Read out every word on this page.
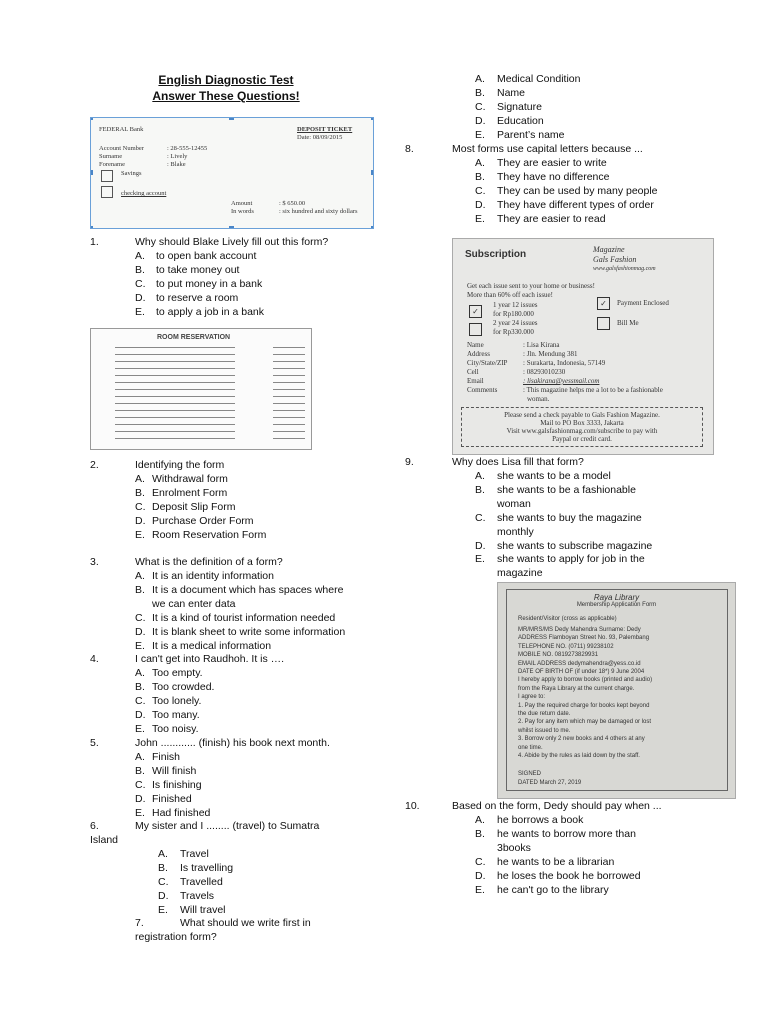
English Diagnostic Test
Answer These Questions!
FEDERAL Bank	DEPOSIT TICKET
Date: 08/09/2015
Account Number	: 28-555-12455
Surname	: Lively
Forename	: Blake
Savings
checking account
Amount	: $ 650.00
In words	: six hundred and sixty dollars
1.	Why should Blake Lively fill out this form?
A. to open bank account
B. to take money out
C. to put money in a bank
D. to reserve a room
E. to apply a job in a bank
ROOM RESERVATION
2.	Identifying the form
A. Withdrawal form
B. Enrolment Form
C. Deposit Slip Form
D. Purchase Order Form
E. Room Reservation Form
3.	What is the definition of a form?
A. It is an identity information
B. It is a document which has spaces where
we can enter data
C. It is a kind of tourist information needed
D. It is blank sheet to write some information
E. It is a medical information
4.	I can't get into Raudhoh. It is ….
A. Too empty.
B. Too crowded.
C. Too lonely.
D. Too many.
E. Too noisy.
5.	John ............ (finish) his book next month.
A. Finish
B. Will finish
C. Is finishing
D. Finished
E. Had finished
6.	My sister and I ........ (travel) to Sumatra
Island
A. Travel
B. Is travelling
C. Travelled
D. Travels
E. Will travel
7.	What should we write first in
registration form?
A. Medical Condition
B. Name
C. Signature
D. Education
E. Parent’s name
8.	Most forms use capital letters because ...
A. They are easier to write
B. They have no difference
C. They can be used by many people
D. They have different types of order
E. They are easier to read
Subscription	Magazine
Gals Fashion
www.galsfashionmag.com
Get each issue sent to your home or business!
More than 60% off each issue!
✓
1 year 12 issues
for Rp180.000
2 year 24 issues
for Rp330.000
✓	Payment Enclosed
Bill Me
Name	: Lisa Kirana
Address	: Jln. Mendung 381
City/State/ZIP : Surakarta, Indonesia, 57149
Cell	: 08293010230
Email	: lisakirana@yessmail.com
Comments	: This magazine helps me a lot to be a fashionable
woman.
Please send a check payable to Gals Fashion Magazine.
Mail to PO Box 3333, Jakarta
Visit www.galsfashionmag.com/subscribe to pay with
Paypal or credit card.
9.	Why does Lisa fill that form?
A. she wants to be a model
B. she wants to be a fashionable
woman
C. she wants to buy the magazine
monthly
D. she wants to subscribe magazine
E. she wants to apply for job in the
magazine
Raya Library
Membership Application Form
Resident/Visitor (cross as applicable)
MR/MRS/MS Dedy Mahendra Surname: Dedy
ADDRESS Flamboyan Street No. 93, Palembang
TELEPHONE NO. (0711) 99238102
MOBILE NO. 0819273829931
EMAIL ADDRESS dedymahendra@yess.co.id
DATE OF BIRTH OF (if under 18*) 9 June 2004
I hereby apply to borrow books (printed and audio)
from the Raya Library at the current charge.
I agree to:
1. Pay the required charge for books kept beyond
the due return date.
2. Pay for any item which may be damaged or lost
whilst issued to me.
3. Borrow only 2 new books and 4 others at any
one time.
4. Abide by the rules as laid down by the staff.
SIGNED
DATED March 27, 2019
10.	Based on the form, Dedy should pay when ...
A. he borrows a book
B. he wants to borrow more than
3books
C. he wants to be a librarian
D. he loses the book he borrowed
E. he can't go to the library
